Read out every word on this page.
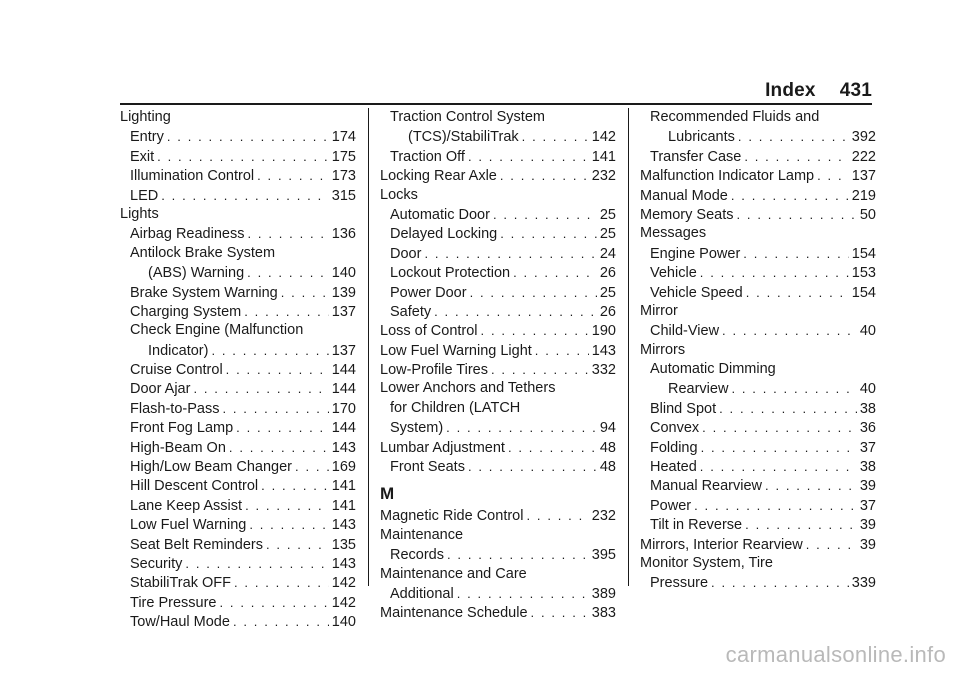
Index 431
Lighting
Entry . . .	174
Exit . . .	175
Illumination Control . . .	173
LED . . .	315
Lights
Airbag Readiness . . .	136
Antilock Brake System
(ABS) Warning . . .	140
Brake System Warning . . .	139
Charging System . . .	137
Check Engine (Malfunction
Indicator) . . .	137
Cruise Control . . .	144
Door Ajar . . .	144
Flash-to-Pass . . .	170
Front Fog Lamp . . .	144
High-Beam On . . .	143
High/Low Beam Changer . . .	169
Hill Descent Control . . .	141
Lane Keep Assist . . .	141
Low Fuel Warning . . .	143
Seat Belt Reminders . . .	135
Security . . .	143
StabiliTrak OFF . . .	142
Tire Pressure . . .	142
Tow/Haul Mode . . .	140
Traction Control System
(TCS)/StabiliTrak . . .	142
Traction Off . . .	141
Locking Rear Axle . . .	232
Locks
Automatic Door . . .	25
Delayed Locking . . .	25
Door . . .	24
Lockout Protection . . .	26
Power Door . . .	25
Safety . . .	26
Loss of Control . . .	190
Low Fuel Warning Light . . .	143
Low-Profile Tires . . .	332
Lower Anchors and Tethers
for Children (LATCH
System) . . .	94
Lumbar Adjustment . . .	48
Front Seats . . .	48
M
Magnetic Ride Control . . .	232
Maintenance
Records . . .	395
Maintenance and Care
Additional . . .	389
Maintenance Schedule . . .	383
Recommended Fluids and
Lubricants . . .	392
Transfer Case . . .	222
Malfunction Indicator Lamp . . .	137
Manual Mode . . .	219
Memory Seats . . .	50
Messages
Engine Power . . .	154
Vehicle . . .	153
Vehicle Speed . . .	154
Mirror
Child-View . . .	40
Mirrors
Automatic Dimming
Rearview . . .	40
Blind Spot . . .	38
Convex . . .	36
Folding . . .	37
Heated . . .	38
Manual Rearview . . .	39
Power . . .	37
Tilt in Reverse . . .	39
Mirrors, Interior Rearview . . .	39
Monitor System, Tire
Pressure . . .	339
carmanualsonline.info
